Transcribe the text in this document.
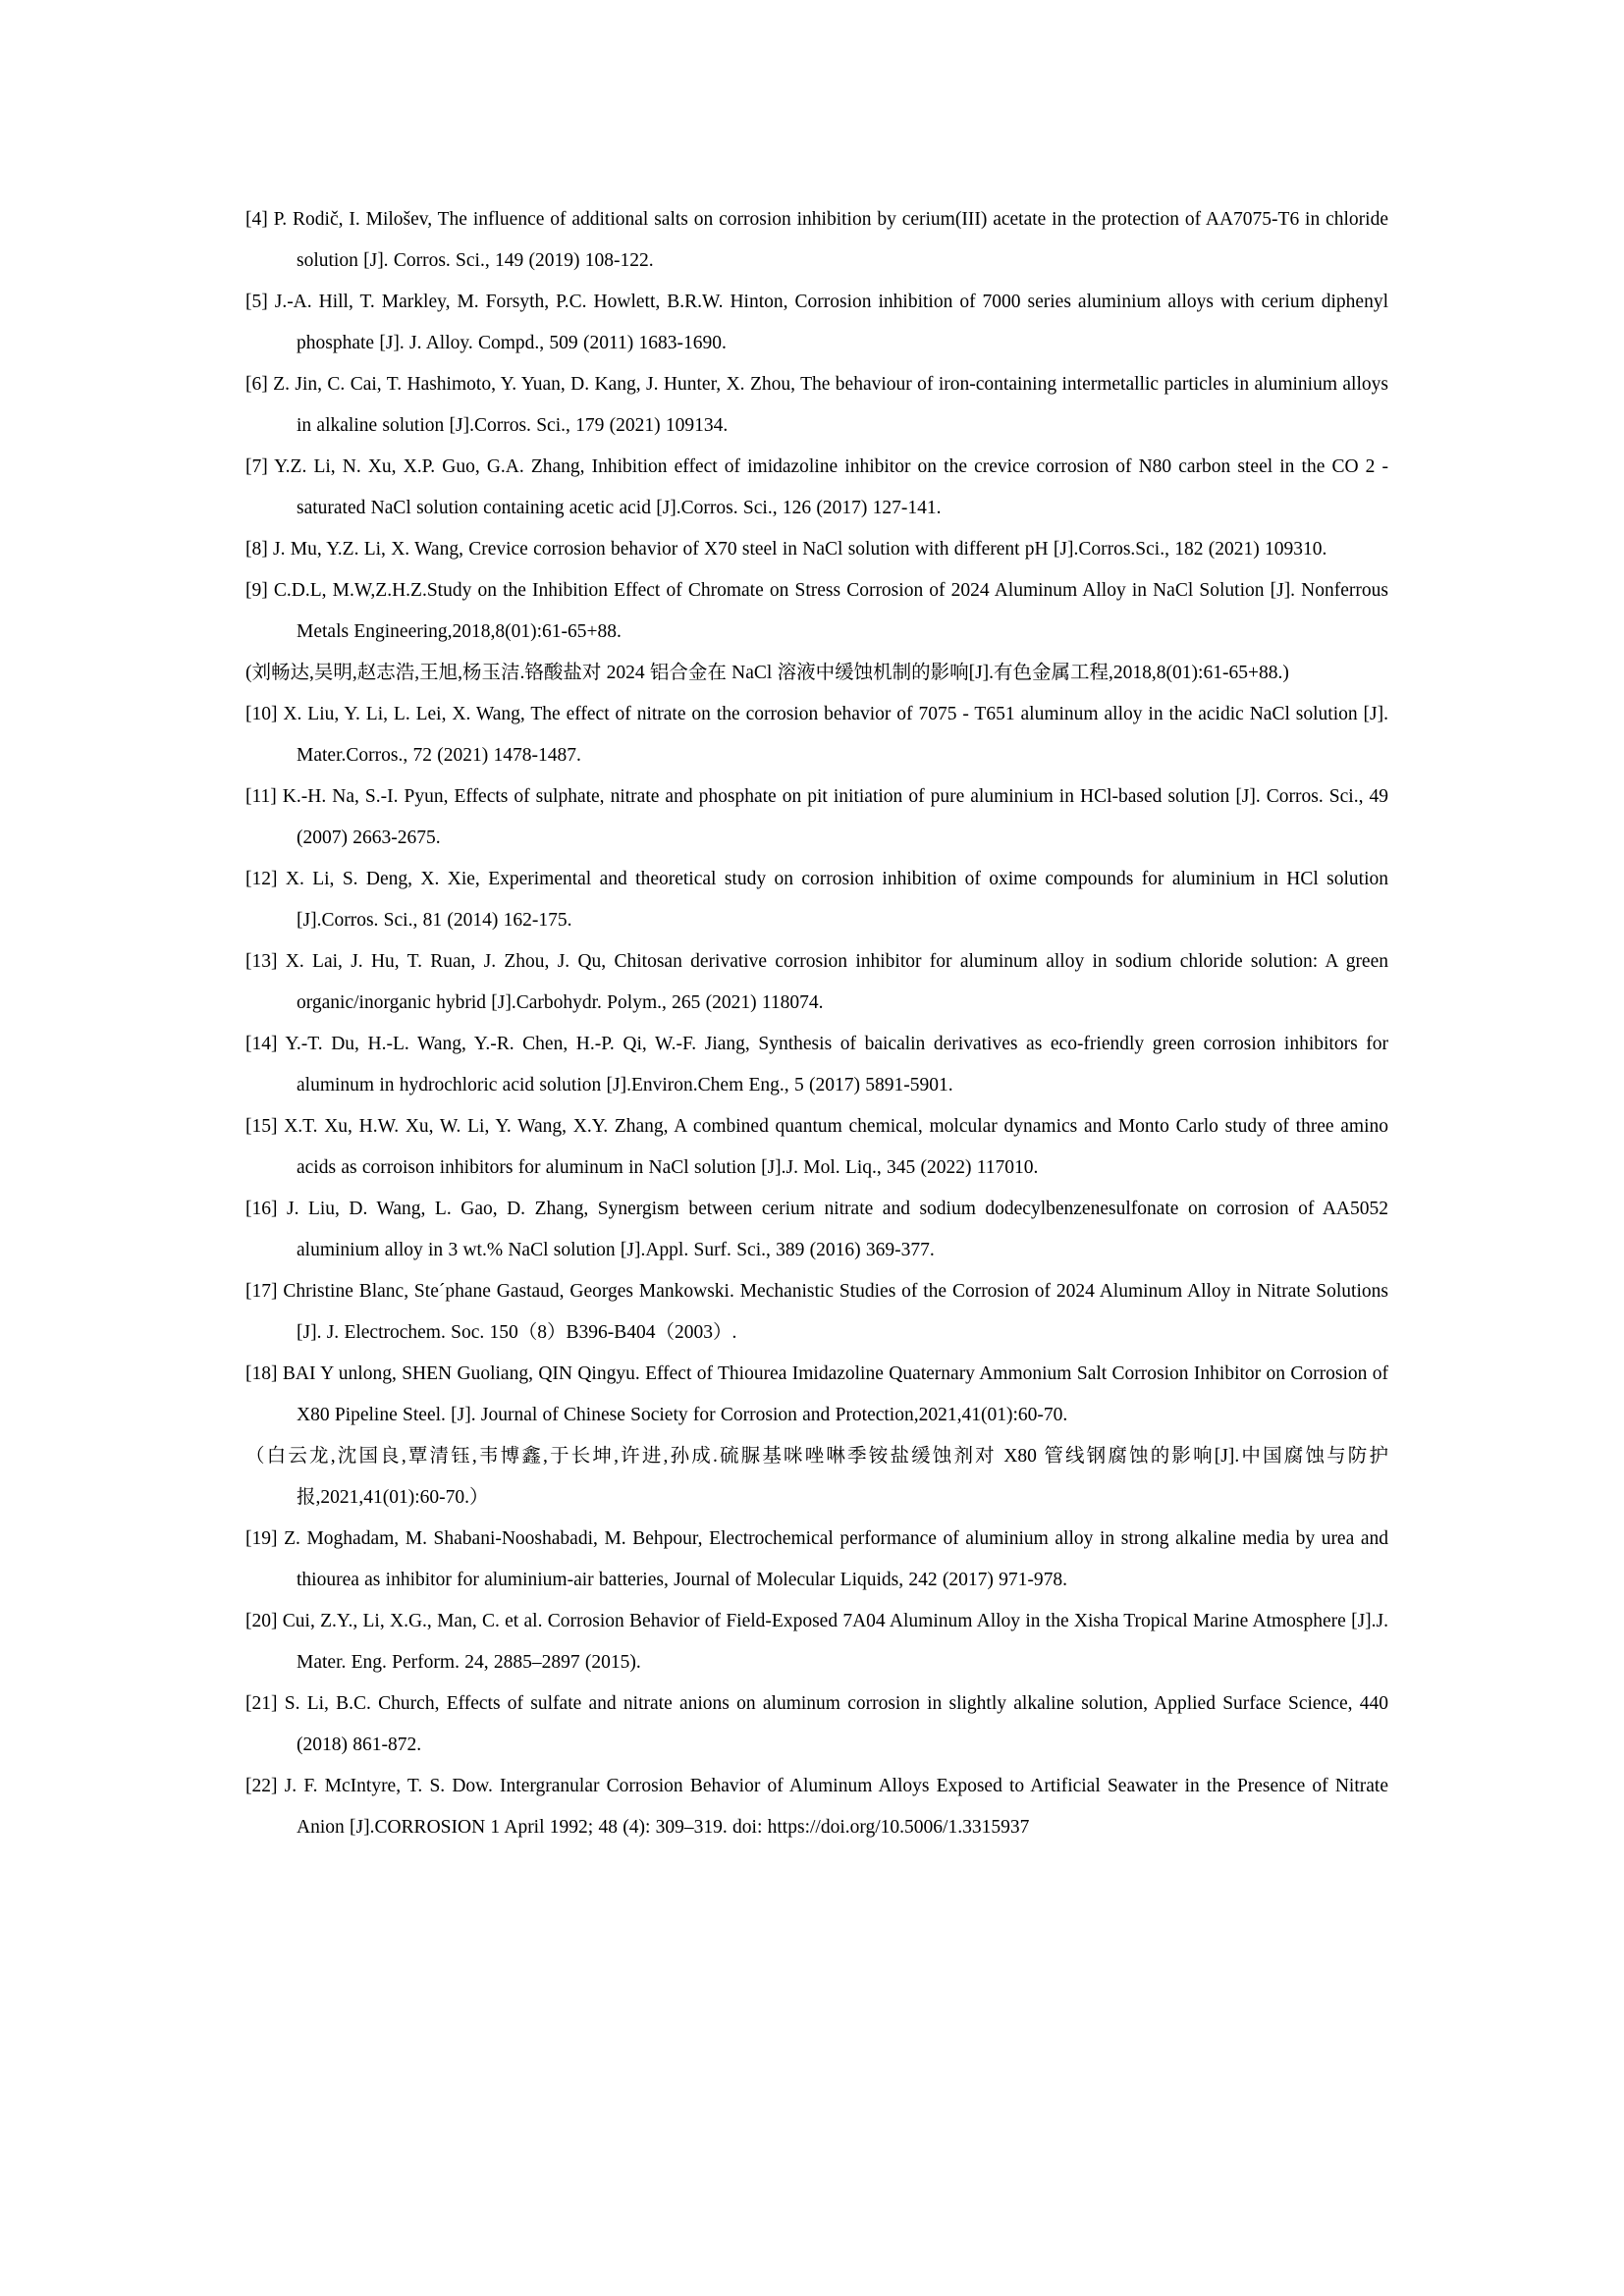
[4] P. Rodič, I. Milošev, The influence of additional salts on corrosion inhibition by cerium(III) acetate in the protection of AA7075-T6 in chloride solution [J]. Corros. Sci., 149 (2019) 108-122.

[5] J.-A. Hill, T. Markley, M. Forsyth, P.C. Howlett, B.R.W. Hinton, Corrosion inhibition of 7000 series aluminium alloys with cerium diphenyl phosphate [J]. J. Alloy. Compd., 509 (2011) 1683-1690.

[6] Z. Jin, C. Cai, T. Hashimoto, Y. Yuan, D. Kang, J. Hunter, X. Zhou, The behaviour of iron-containing intermetallic particles in aluminium alloys in alkaline solution [J].Corros. Sci., 179 (2021) 109134.

[7] Y.Z. Li, N. Xu, X.P. Guo, G.A. Zhang, Inhibition effect of imidazoline inhibitor on the crevice corrosion of N80 carbon steel in the CO 2 -saturated NaCl solution containing acetic acid [J].Corros. Sci., 126 (2017) 127-141.

[8] J. Mu, Y.Z. Li, X. Wang, Crevice corrosion behavior of X70 steel in NaCl solution with different pH [J].Corros.Sci., 182 (2021) 109310.

[9] C.D.L, M.W,Z.H.Z.Study on the Inhibition Effect of Chromate on Stress Corrosion of 2024 Aluminum Alloy in NaCl Solution [J]. Nonferrous Metals Engineering,2018,8(01):61-65+88.

(刘畅达,吴明,赵志浩,王旭,杨玉洁.铬酸盐对 2024 铝合金在 NaCl 溶液中缓蚀机制的影响[J].有色金属工程,2018,8(01):61-65+88.)

[10] X. Liu, Y. Li, L. Lei, X. Wang, The effect of nitrate on the corrosion behavior of 7075 - T651 aluminum alloy in the acidic NaCl solution [J]. Mater.Corros., 72 (2021) 1478-1487.

[11] K.-H. Na, S.-I. Pyun, Effects of sulphate, nitrate and phosphate on pit initiation of pure aluminium in HCl-based solution [J]. Corros. Sci., 49 (2007) 2663-2675.

[12] X. Li, S. Deng, X. Xie, Experimental and theoretical study on corrosion inhibition of oxime compounds for aluminium in HCl solution [J].Corros. Sci., 81 (2014) 162-175.

[13] X. Lai, J. Hu, T. Ruan, J. Zhou, J. Qu, Chitosan derivative corrosion inhibitor for aluminum alloy in sodium chloride solution: A green organic/inorganic hybrid [J].Carbohydr. Polym., 265 (2021) 118074.

[14] Y.-T. Du, H.-L. Wang, Y.-R. Chen, H.-P. Qi, W.-F. Jiang, Synthesis of baicalin derivatives as eco-friendly green corrosion inhibitors for aluminum in hydrochloric acid solution [J].Environ.Chem Eng., 5 (2017) 5891-5901.

[15] X.T. Xu, H.W. Xu, W. Li, Y. Wang, X.Y. Zhang, A combined quantum chemical, molcular dynamics and Monto Carlo study of three amino acids as corroison inhibitors for aluminum in NaCl solution [J].J. Mol. Liq., 345 (2022) 117010.

[16] J. Liu, D. Wang, L. Gao, D. Zhang, Synergism between cerium nitrate and sodium dodecylbenzenesulfonate on corrosion of AA5052 aluminium alloy in 3 wt.% NaCl solution [J].Appl. Surf. Sci., 389 (2016) 369-377.

[17] Christine Blanc, Ste´phane Gastaud, Georges Mankowski. Mechanistic Studies of the Corrosion of 2024 Aluminum Alloy in Nitrate Solutions [J]. J. Electrochem. Soc. 150（8）B396-B404（2003）.

[18] BAI Y unlong, SHEN Guoliang, QIN Qingyu. Effect of Thiourea Imidazoline Quaternary Ammonium Salt Corrosion Inhibitor on Corrosion of X80 Pipeline Steel. [J]. Journal of Chinese Society for Corrosion and Protection,2021,41(01):60-70.

（白云龙,沈国良,覃清钰,韦博鑫,于长坤,许进,孙成.硫脲基咪唑啉季铵盐缓蚀剂对 X80 管线钢腐蚀的影响[J].中国腐蚀与防护报,2021,41(01):60-70.）

[19] Z. Moghadam, M. Shabani-Nooshabadi, M. Behpour, Electrochemical performance of aluminium alloy in strong alkaline media by urea and thiourea as inhibitor for aluminium-air batteries, Journal of Molecular Liquids, 242 (2017) 971-978.

[20] Cui, Z.Y., Li, X.G., Man, C. et al. Corrosion Behavior of Field-Exposed 7A04 Aluminum Alloy in the Xisha Tropical Marine Atmosphere [J].J. Mater. Eng. Perform. 24, 2885–2897 (2015).

[21] S. Li, B.C. Church, Effects of sulfate and nitrate anions on aluminum corrosion in slightly alkaline solution, Applied Surface Science, 440 (2018) 861-872.

[22] J. F. McIntyre, T. S. Dow. Intergranular Corrosion Behavior of Aluminum Alloys Exposed to Artificial Seawater in the Presence of Nitrate Anion [J].CORROSION 1 April 1992; 48 (4): 309–319. doi: https://doi.org/10.5006/1.3315937
